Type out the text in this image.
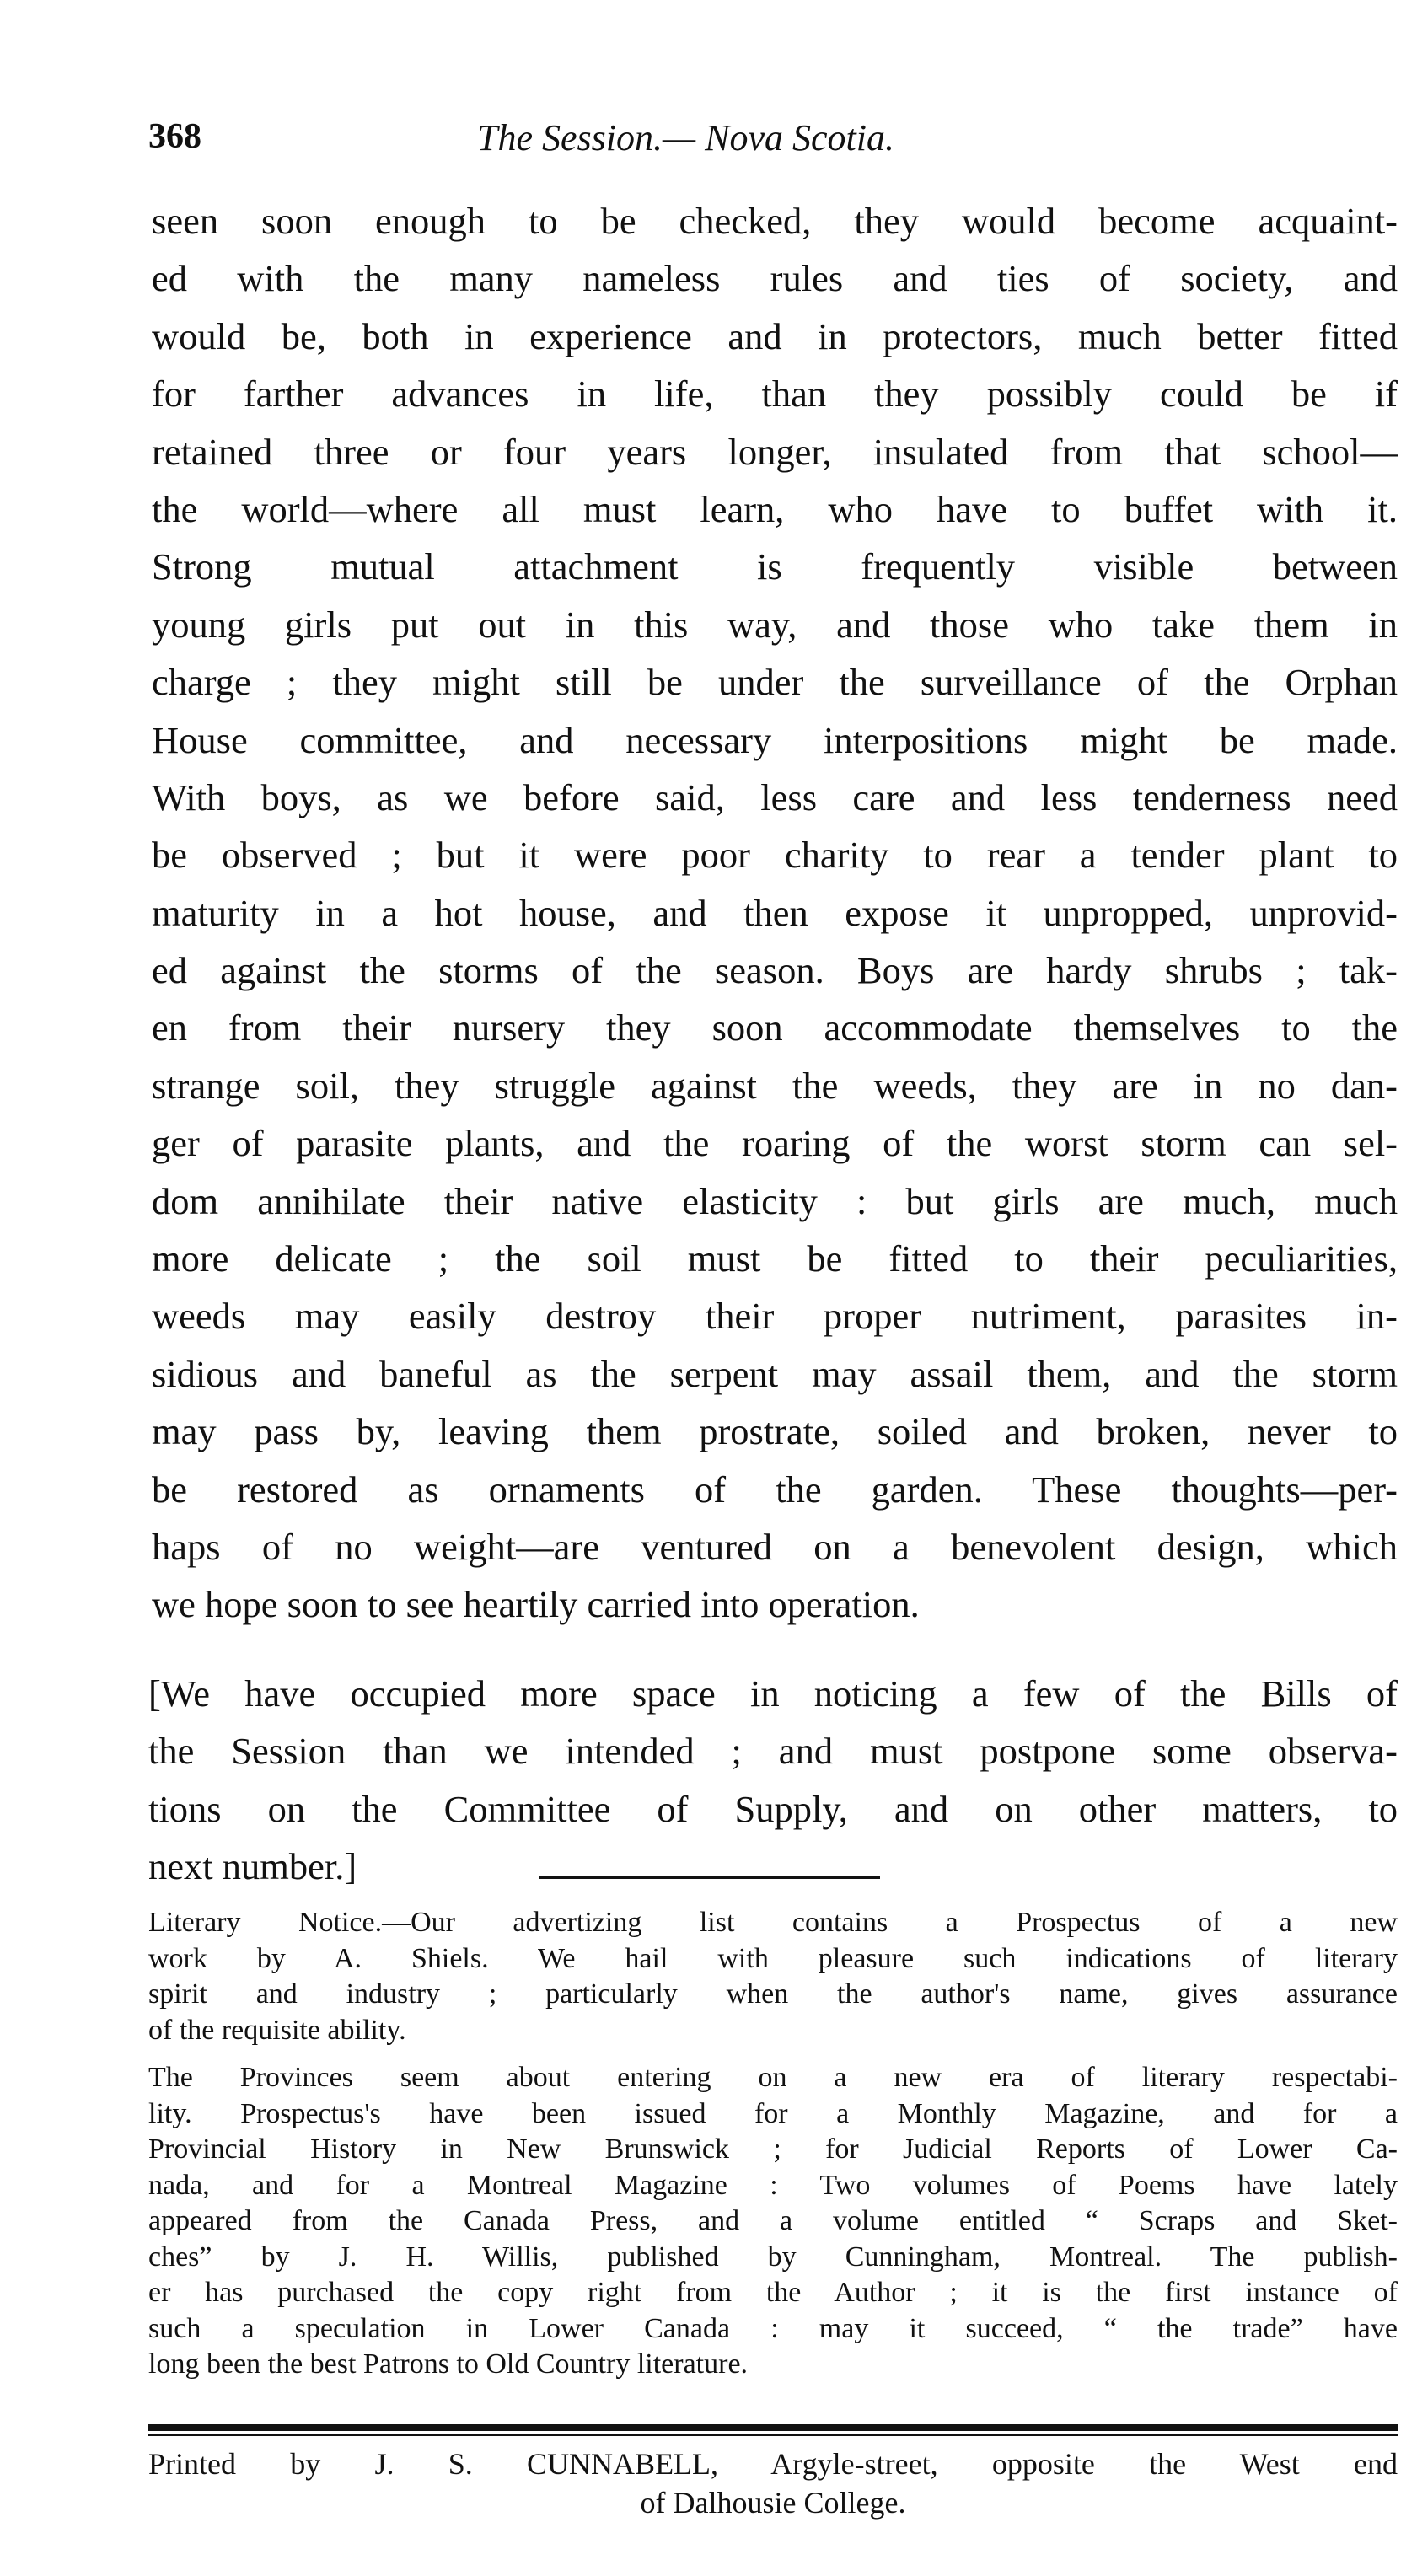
368	The Session.— Nova Scotia.
seen soon enough to be checked, they would become acquaint-
ed with the many nameless rules and ties of society, and
would be, both in experience and in protectors, much better fitted
for farther advances in life, than they possibly could be if
retained three or four years longer, insulated from that school—
the world—where all must learn, who have to buffet with it.
Strong mutual attachment is frequently visible between
young girls put out in this way, and those who take them in
charge ; they might still be under the surveillance of the Orphan
House committee, and necessary interpositions might be made.
With boys, as we before said, less care and less tenderness need
be observed ; but it were poor charity to rear a tender plant to
maturity in a hot house, and then expose it unpropped, unprovid-
ed against the storms of the season. Boys are hardy shrubs ; tak-
en from their nursery they soon accommodate themselves to the
strange soil, they struggle against the weeds, they are in no dan-
ger of parasite plants, and the roaring of the worst storm can sel-
dom annihilate their native elasticity : but girls are much, much
more delicate ; the soil must be fitted to their peculiarities,
weeds may easily destroy their proper nutriment, parasites in-
sidious and baneful as the serpent may assail them, and the storm
may pass by, leaving them prostrate, soiled and broken, never to
be restored as ornaments of the garden. These thoughts—per-
haps of no weight—are ventured on a benevolent design, which
we hope soon to see heartily carried into operation.
[We have occupied more space in noticing a few of the Bills of
the Session than we intended ; and must postpone some observa-
tions on the Committee of Supply, and on other matters, to
next number.]
Literary Notice.—Our advertizing list contains a Prospectus of a new
work by A. Shiels. We hail with pleasure such indications of literary
spirit and industry ; particularly when the author's name, gives assurance
of the requisite ability.
The Provinces seem about entering on a new era of literary respectabi-
lity. Prospectus's have been issued for a Monthly Magazine, and for a
Provincial History in New Brunswick ; for Judicial Reports of Lower Ca-
nada, and for a Montreal Magazine : Two volumes of Poems have lately
appeared from the Canada Press, and a volume entitled “ Scraps and Sket-
ches” by J. H. Willis, published by Cunningham, Montreal. The publish-
er has purchased the copy right from the Author ; it is the first instance of
such a speculation in Lower Canada : may it succeed, “ the trade” have
long been the best Patrons to Old Country literature.
Printed by J. S. CUNNABELL, Argyle-street, opposite the West end
of Dalhousie College.
